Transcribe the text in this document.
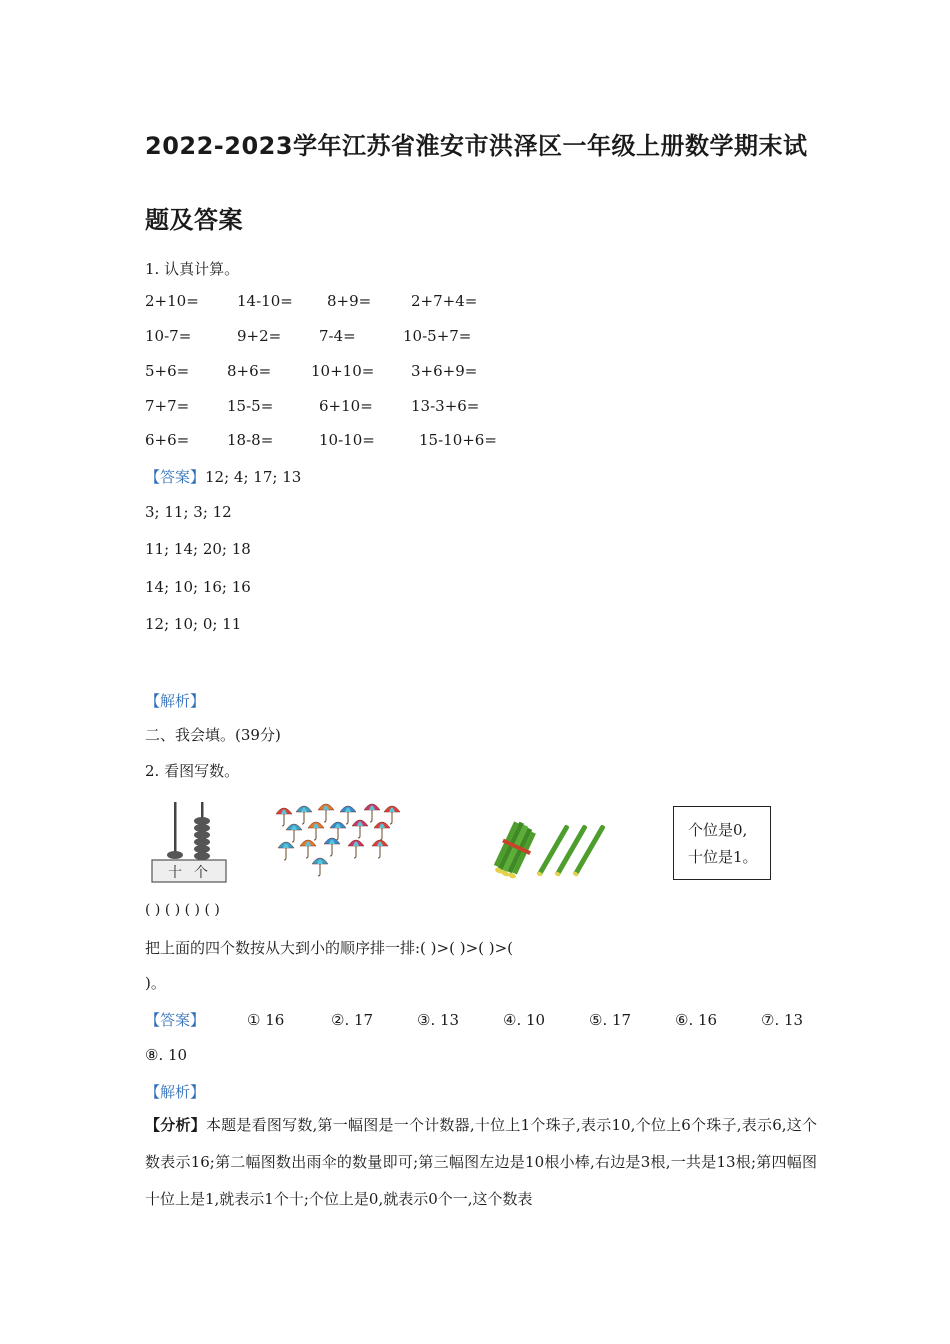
2022-2023学年江苏省淮安市洪泽区一年级上册数学期末试
题及答案
1. 认真计算。
2+10=	14-10= 8+9=	2+7+4=
10-7=	9+2=	7-4=	10-5+7=
5+6=	8+6=	10+10= 3+6+9=
7+7=	15-5=	6+10=	13-3+6=
6+6=	18-8=	10-10=	15-10+6=
【答案】12; 4; 17; 13
3; 11; 3; 12
11; 14; 20; 18
14; 10; 16; 16
12; 10; 0; 11
【解析】
二、我会填。(39分)
2. 看图写数。
十 个
个位是0,
十位是1。
( ) ( ) ( ) ( )
把上面的四个数按从大到小的顺序排一排:( )>( )>( )>(
)。
【答案】	① 16	②. 17	③. 13	④. 10	⑤. 17	⑥. 16	⑦. 13
⑧. 10
【解析】
【分析】本题是看图写数,第一幅图是一个计数器,十位上1个珠子,表示10,个位上6个珠子,表示6,这个数表示16;第二幅图数出雨伞的数量即可;第三幅图左边是10根小棒,右边是3根,一共是13根;第四幅图十位上是1,就表示1个十;个位上是0,就表示0个一,这个数表
